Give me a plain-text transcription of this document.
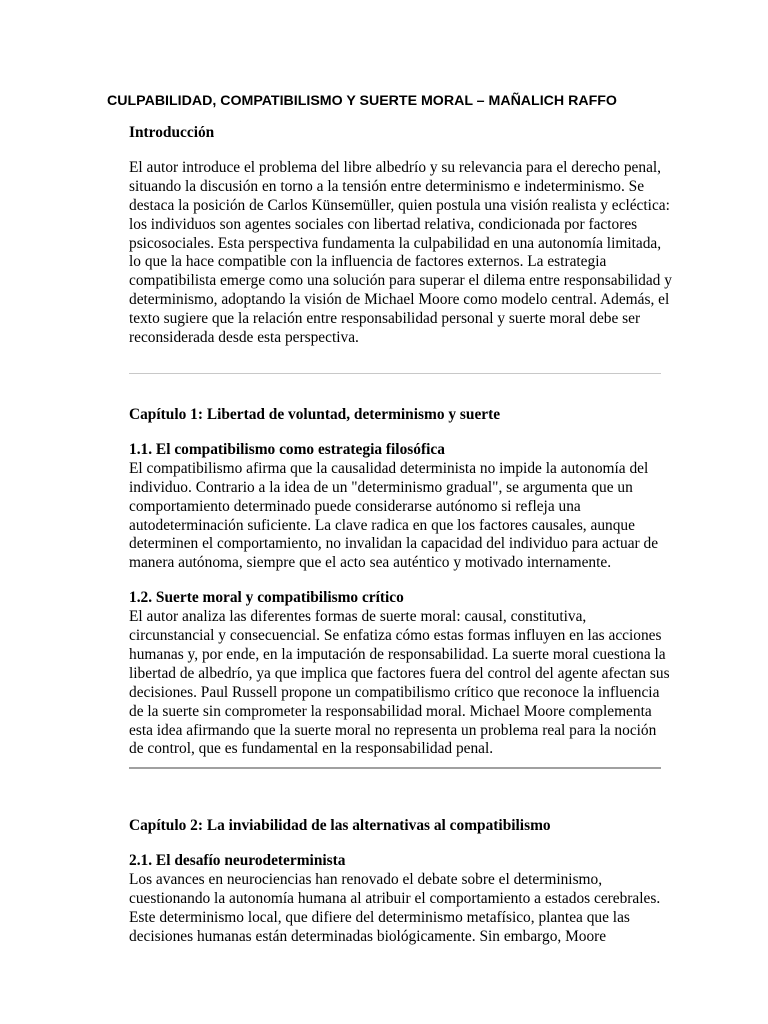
CULPABILIDAD, COMPATIBILISMO Y SUERTE MORAL – MAÑALICH RAFFO

Introducción

El autor introduce el problema del libre albedrío y su relevancia para el derecho penal,
situando la discusión en torno a la tensión entre determinismo e indeterminismo. Se
destaca la posición de Carlos Künsemüller, quien postula una visión realista y ecléctica:
los individuos son agentes sociales con libertad relativa, condicionada por factores
psicosociales. Esta perspectiva fundamenta la culpabilidad en una autonomía limitada,
lo que la hace compatible con la influencia de factores externos. La estrategia
compatibilista emerge como una solución para superar el dilema entre responsabilidad y
determinismo, adoptando la visión de Michael Moore como modelo central. Además, el
texto sugiere que la relación entre responsabilidad personal y suerte moral debe ser
reconsiderada desde esta perspectiva.

Capítulo 1: Libertad de voluntad, determinismo y suerte

1.1. El compatibilismo como estrategia filosófica

El compatibilismo afirma que la causalidad determinista no impide la autonomía del
individuo. Contrario a la idea de un "determinismo gradual", se argumenta que un
comportamiento determinado puede considerarse autónomo si refleja una
autodeterminación suficiente. La clave radica en que los factores causales, aunque
determinen el comportamiento, no invalidan la capacidad del individuo para actuar de
manera autónoma, siempre que el acto sea auténtico y motivado internamente.

1.2. Suerte moral y compatibilismo crítico

El autor analiza las diferentes formas de suerte moral: causal, constitutiva,
circunstancial y consecuencial. Se enfatiza cómo estas formas influyen en las acciones
humanas y, por ende, en la imputación de responsabilidad. La suerte moral cuestiona la
libertad de albedrío, ya que implica que factores fuera del control del agente afectan sus
decisiones. Paul Russell propone un compatibilismo crítico que reconoce la influencia
de la suerte sin comprometer la responsabilidad moral. Michael Moore complementa
esta idea afirmando que la suerte moral no representa un problema real para la noción
de control, que es fundamental en la responsabilidad penal.

Capítulo 2: La inviabilidad de las alternativas al compatibilismo

2.1. El desafío neurodeterminista

Los avances en neurociencias han renovado el debate sobre el determinismo,
cuestionando la autonomía humana al atribuir el comportamiento a estados cerebrales.
Este determinismo local, que difiere del determinismo metafísico, plantea que las
decisiones humanas están determinadas biológicamente. Sin embargo, Moore
